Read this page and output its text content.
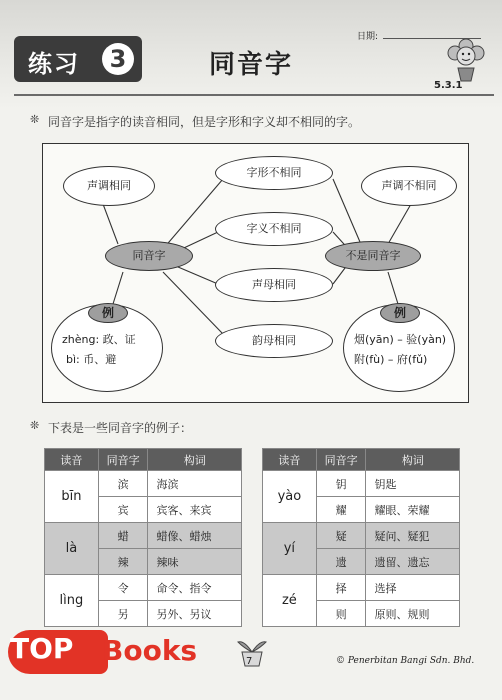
练习	3
日期:
同音字
5.3.1
❊ 同音字是指字的读音相同，但是字形和字义却不相同的字。
声调相同	声调不相同
字形不相同
字义不相同
声母相同
韵母相同
同音字	不是同音字
例
zhèng: 政、证
bì: 币、避
例
烟(yān) – 验(yàn)
附(fù) – 府(fǔ)
❊ 下表是一些同音字的例子：
读音	同音字	构词
bīn	滨	海滨
	宾	宾客、来宾
là	蜡	蜡像、蜡烛
	辣	辣味
lìng	令	命令、指令
	另	另外、另议
读音	同音字	构词
yào	钥	钥匙
	耀	耀眼、荣耀
yí	疑	疑问、疑犯
	遗	遗留、遗忘
zé	择	选择
	则	原则、规则
TOP Books	7	© Penerbitan Bangi Sdn. Bhd.
